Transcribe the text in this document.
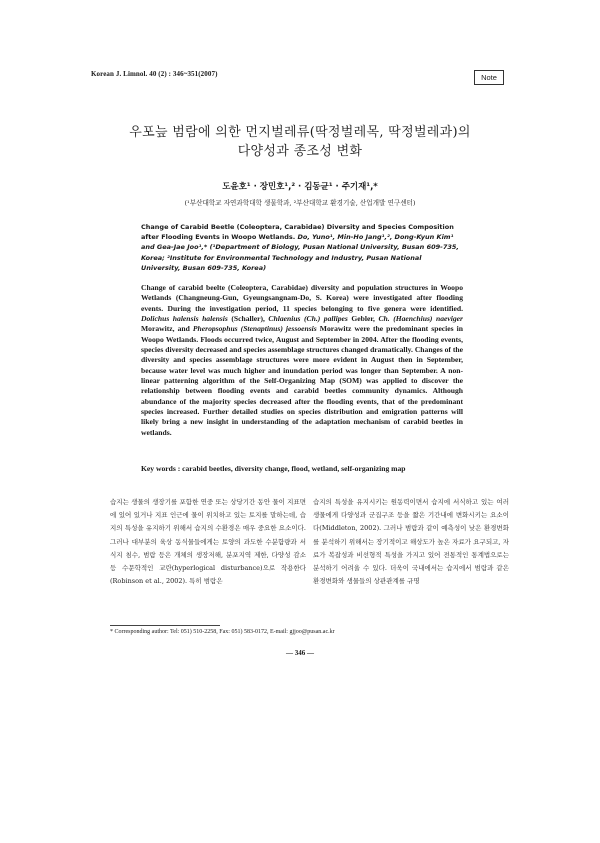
Korean J. Limnol. 40 (2) : 346~351(2007)	Note
우포늪 범람에 의한 먼지벌레류(딱정벌레목, 딱정벌레과)의
다양성과 종조성 변화
도윤호¹ · 장민호¹,² · 김동균¹ · 주기재¹,*
(¹부산대학교 자연과학대학 생물학과, ²부산대학교 환경기술, 산업개발 연구센터)

Change of Carabid Beetle (Coleoptera, Carabidae) Diversity and Species Composition after Flooding Events in Woopo Wetlands. Do, Yuno¹, Min-Ho Jang¹,², Dong-Kyun Kim¹ and Gea-Jae Joo¹,* (¹Department of Biology, Pusan National University, Busan 609-735, Korea; ²Institute for Environmental Technology and Industry, Pusan National University, Busan 609-735, Korea)

Change of carabid beelte (Coleoptera, Carabidae) diversity and population structures in Woopo Wetlands (Changneung-Gun, Gyeungsangnam-Do, S. Korea) were investigated after flooding events. During the investigation period, 11 species belonging to five genera were identified. Dolichus halensis halensis (Schaller), Chlaenius (Ch.) pallipes Gebler, Ch. (Haenchius) naeviger Morawitz, and Pheropsophus (Stenaptinus) jessoensis Morawitz were the predominant species in Woopo Wetlands. Floods occurred twice, August and September in 2004. After the flooding events, species diversity decreased and species assemblage structures changed dramatically. Changes of the diversity and species assemblage structures were more evident in August then in September, because water level was much higher and inundation period was longer than September. A non-linear patterning algorithm of the Self-Organizing Map (SOM) was applied to discover the relationship between flooding events and carabid beetles community dynamics. Although abundance of the majority species decreased after the flooding events, that of the predominant species increased. Further detailed studies on species distribution and emigration patterns will likely bring a new insight in understanding of the adaptation mechanism of carabid beetles in wetlands.

Key words : carabid beetles, diversity change, flood, wetland, self-organizing map

습지는 생물의 생장기를 포함한 연중 또는 상당기간 동안 물이 지표면에 있어 있거나 지표 인근에 물이 위치하고 있는 토지를 말하는데, 습지의 특성을 유지하기 위해서 습지의 수환경은 매우 중요한 요소이다. 그러나 대부분의 육상 동식물들에게는 토양의 과도한 수분함량과 서식지 침수, 범람 등은 개체의 생장저해, 분포지역 제한, 다양성 감소 등 수문학적인 교란(hyperlogical disturbance)으로 작용한다(Robinson et al., 2002). 특히 범람은

습지의 특성을 유지시키는 원동력이면서 습지에 서식하고 있는 여러 생물에게 다양성과 군집구조 등을 짧은 기간내에 변화시키는 요소이다(Middleton, 2002). 그러나 범람과 같이 예측성이 낮은 환경변화를 분석하기 위해서는 장기적이고 해상도가 높은 자료가 요구되고, 자료가 복잡성과 비선형적 특성을 가지고 있어 전통적인 통계법으로는 분석하기 어려울 수 있다. 더욱이 국내에서는 습지에서 범람과 같은 환경변화와 생물들의 상관관계를 규명

* Corresponding author: Tel: 051) 510-2258, Fax: 051) 583-0172, E-mail: gjjoo@pusan.ac.kr
— 346 —
